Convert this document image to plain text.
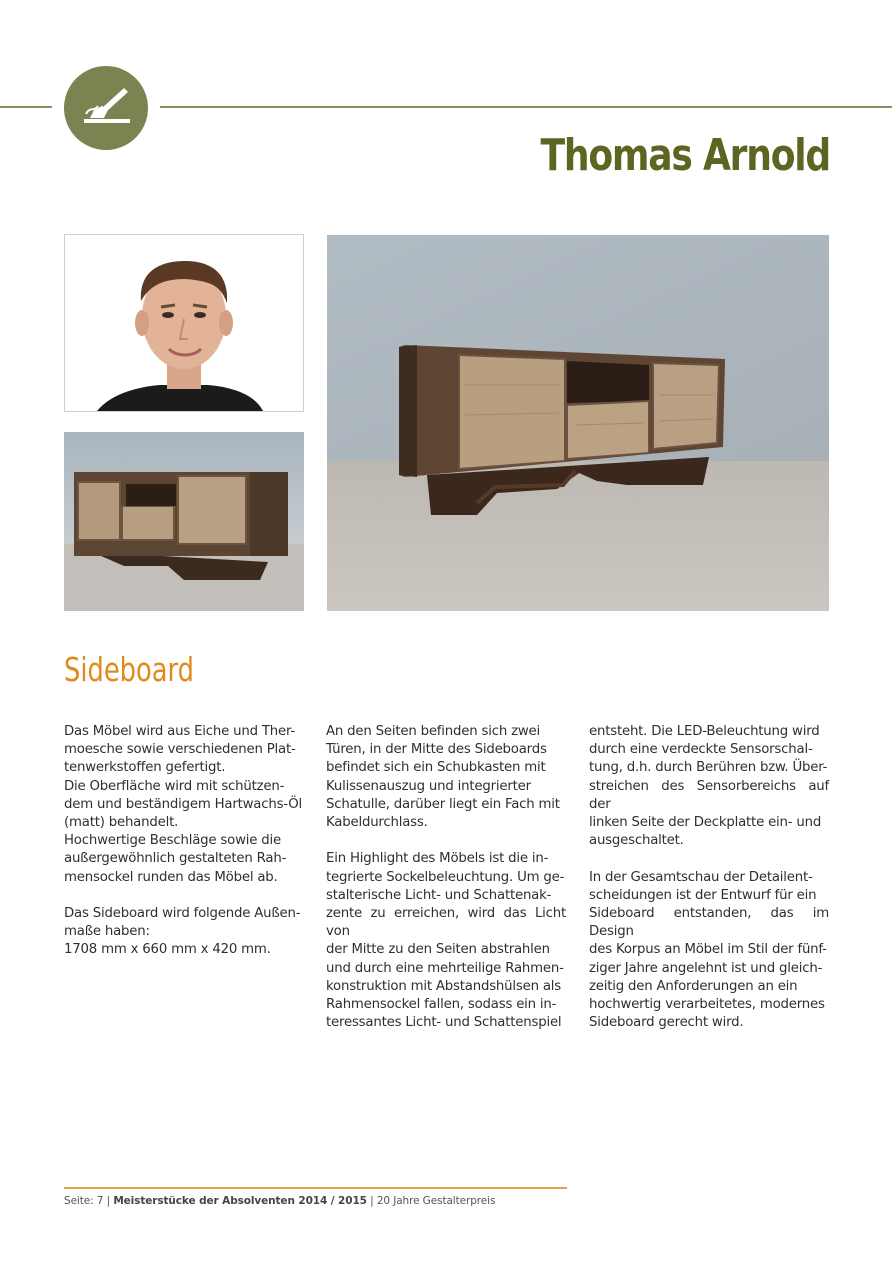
Thomas Arnold
Sideboard

Das Möbel wird aus Eiche und Ther-

moesche sowie verschiedenen Plat-

tenwerkstoffen gefertigt.

Die Oberfläche wird mit schützen-

dem und beständigem Hartwachs-Öl

(matt) behandelt.

Hochwertige Beschläge sowie die

außergewöhnlich gestalteten Rah-

mensockel runden das Möbel ab.

Das Sideboard wird folgende Außen-

maße haben:

1708 mm x 660 mm x 420 mm.

An den Seiten befinden sich zwei

Türen, in der Mitte des Sideboards

befindet sich ein Schubkasten mit

Kulissenauszug und integrierter

Schatulle, darüber liegt ein Fach mit

Kabeldurchlass.

Ein Highlight des Möbels ist die in-

tegrierte Sockelbeleuchtung. Um ge-

stalterische Licht- und Schattenak-

zente zu erreichen, wird das Licht von

der Mitte zu den Seiten abstrahlen

und durch eine mehrteilige Rahmen-

konstruktion mit Abstandshülsen als

Rahmensockel fallen, sodass ein in-

teressantes Licht- und Schattenspiel

entsteht. Die LED-Beleuchtung wird

durch eine verdeckte Sensorschal-

tung, d.h. durch Berühren bzw. Über-

streichen des Sensorbereichs auf der

linken Seite der Deckplatte ein- und

ausgeschaltet.

In der Gesamtschau der Detailent-

scheidungen ist der Entwurf für ein

Sideboard entstanden, das im Design

des Korpus an Möbel im Stil der fünf-

ziger Jahre angelehnt ist und gleich-

zeitig den Anforderungen an ein

hochwertig verarbeitetes, modernes

Sideboard gerecht wird.

Seite: 7 | Meisterstücke der Absolventen 2014 / 2015 | 20 Jahre Gestalterpreis
